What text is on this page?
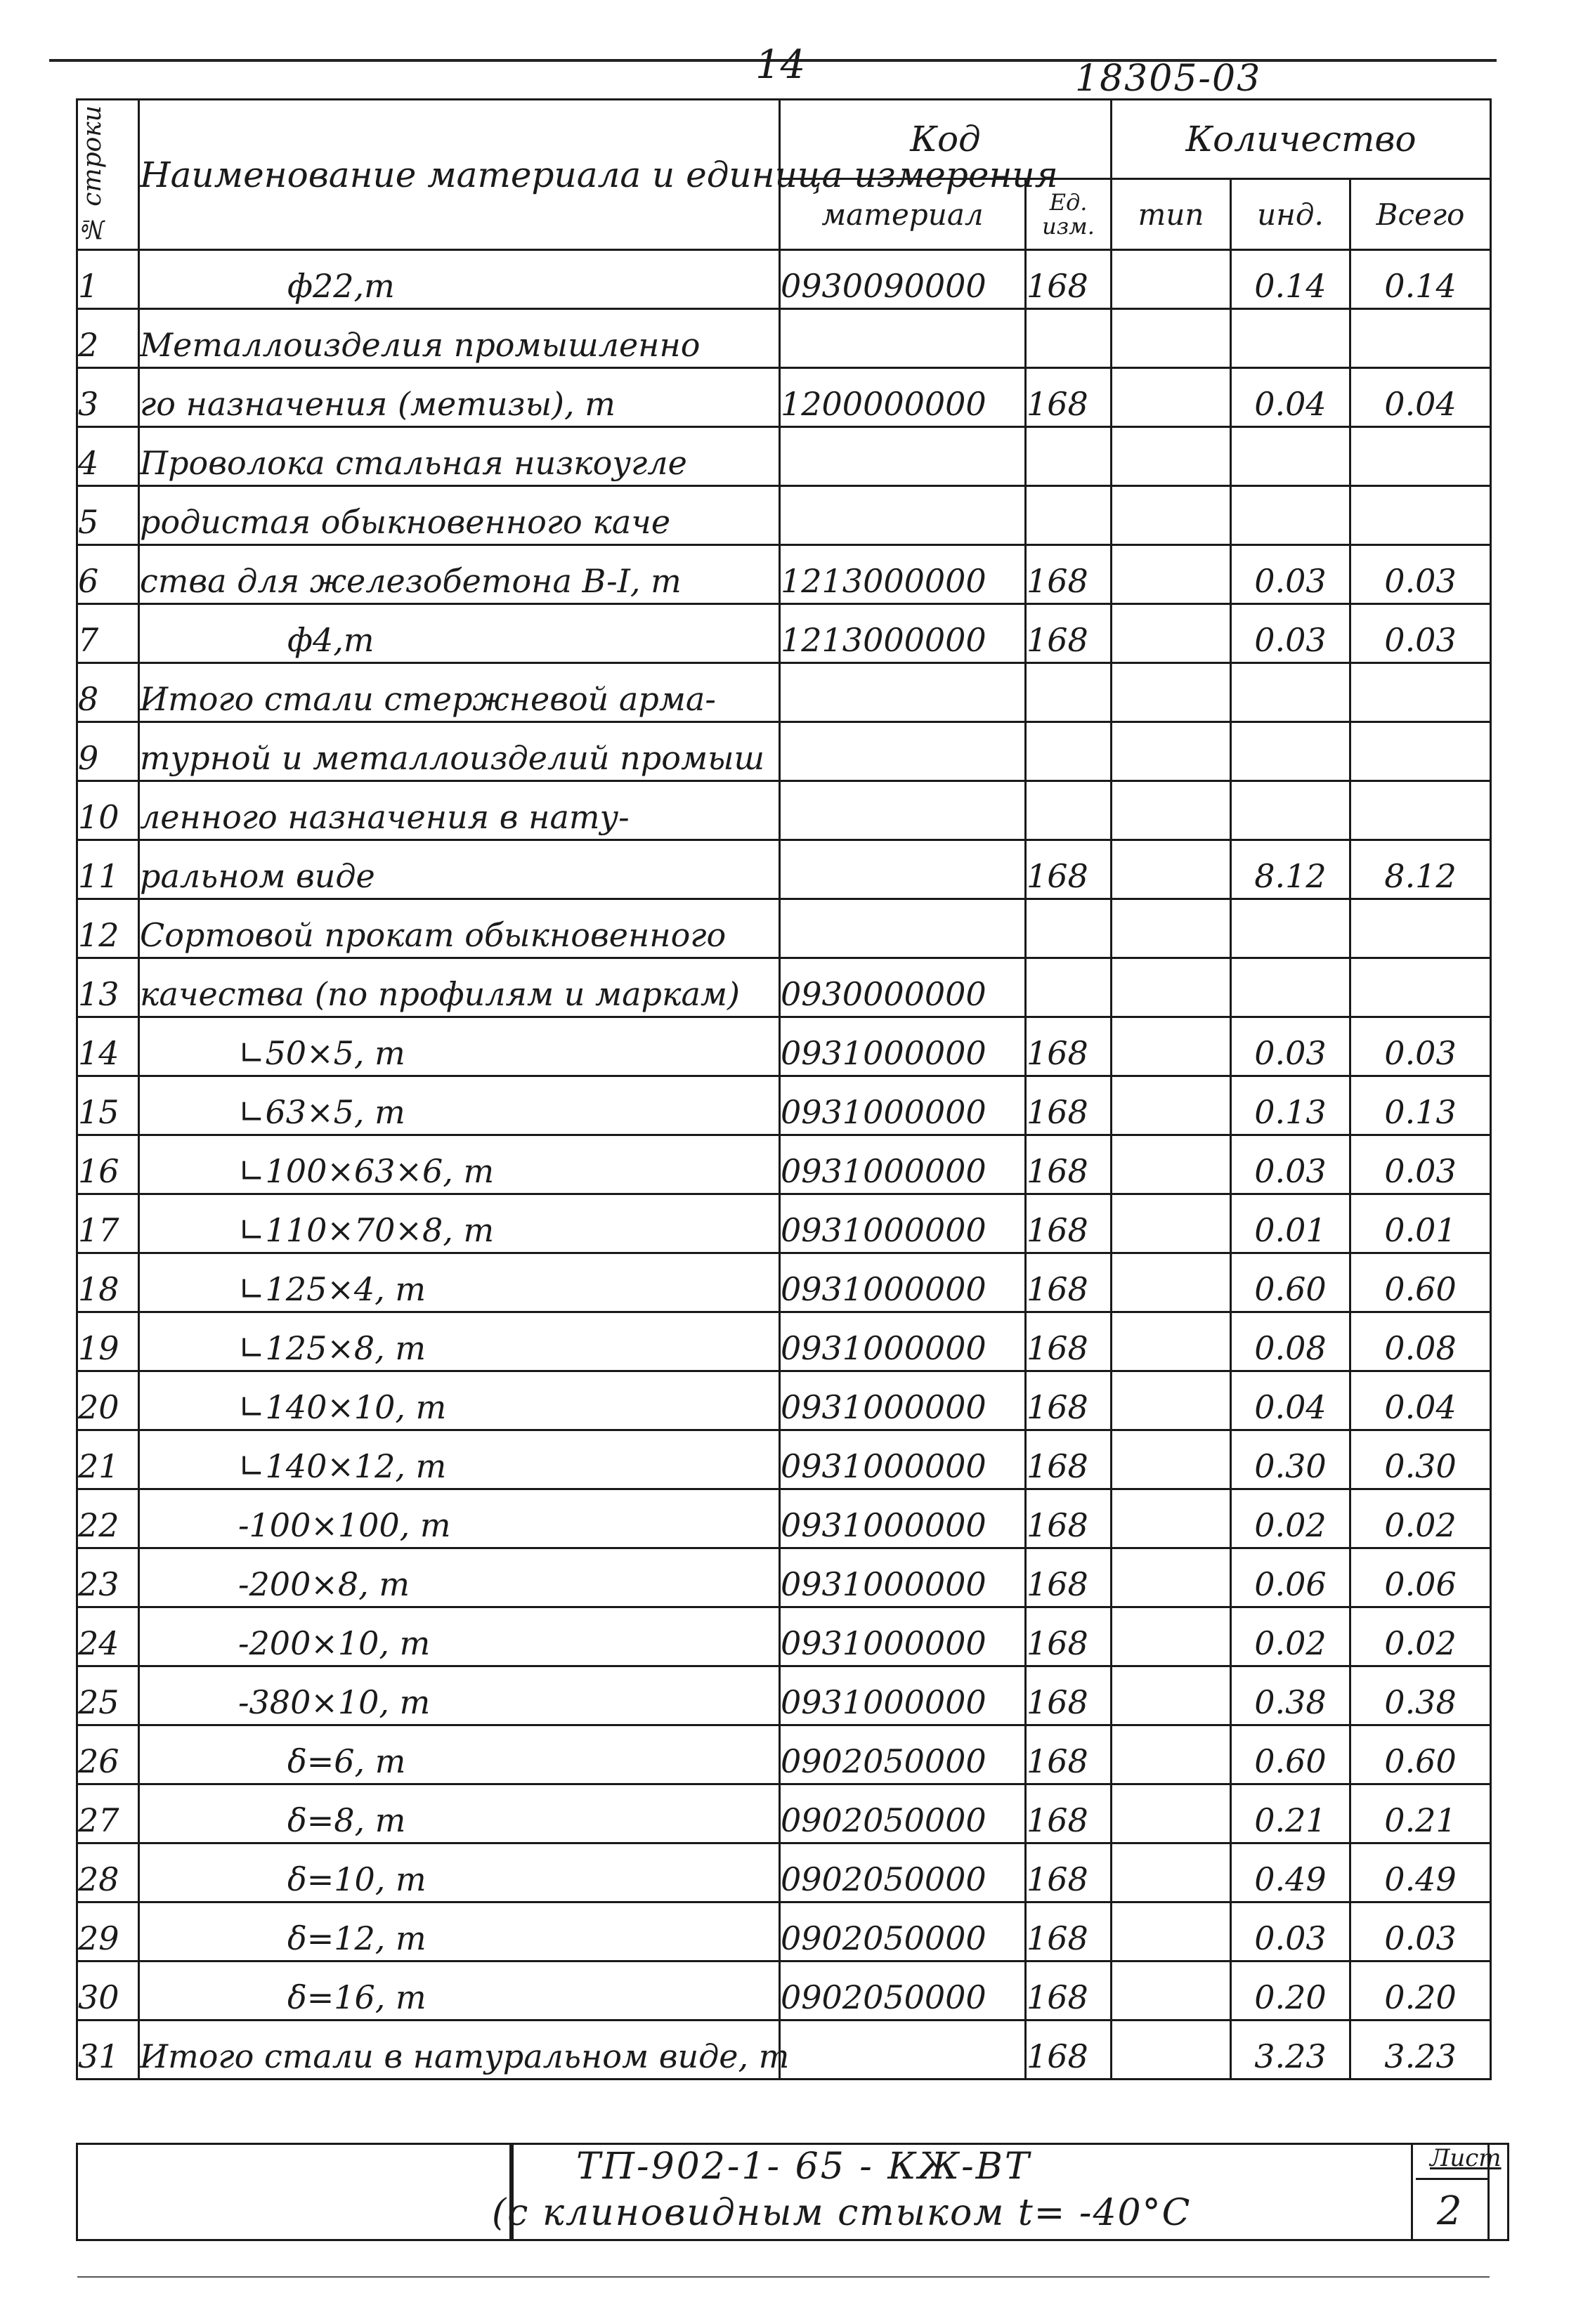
14	18305-03
№ строки	Наименование материала и единица измерения	Код		Количество		
		материал	Ед. изм.	тип	инд.	Всего
1	ф22,т	0930090000	168		0.14	0.14
2	Металлоизделия промышленно					
3	го назначения (метизы), т	1200000000	168		0.04	0.04
4	Проволока стальная низкоугле					
5	родистая обыкновенного каче					
6	ства для железобетона B-I, т	1213000000	168		0.03	0.03
7	ф4,т	1213000000	168		0.03	0.03
8	Итого стали стержневой арма-					
9	турной и металлоизделий промыш					
10	ленного назначения в нату-					
11	ральном виде		168		8.12	8.12
12	Сортовой прокат обыкновенного					
13	качества (по профилям и маркам)	0930000000				
14	∟50×5, т	0931000000	168		0.03	0.03
15	∟63×5, т	0931000000	168		0.13	0.13
16	∟100×63×6, т	0931000000	168		0.03	0.03
17	∟110×70×8, т	0931000000	168		0.01	0.01
18	∟125×4, т	0931000000	168		0.60	0.60
19	∟125×8, т	0931000000	168		0.08	0.08
20	∟140×10, т	0931000000	168		0.04	0.04
21	∟140×12, т	0931000000	168		0.30	0.30
22	-100×100, т	0931000000	168		0.02	0.02
23	-200×8, т	0931000000	168		0.06	0.06
24	-200×10, т	0931000000	168		0.02	0.02
25	-380×10, т	0931000000	168		0.38	0.38
26	δ=6, т	0902050000	168		0.60	0.60
27	δ=8, т	0902050000	168		0.21	0.21
28	δ=10, т	0902050000	168		0.49	0.49
29	δ=12, т	0902050000	168		0.03	0.03
30	δ=16, т	0902050000	168		0.20	0.20
31	Итого стали в натуральном виде, т		168		3.23	3.23
ТП-902-1- 65 - КЖ-ВТ
(с клиновидным стыком t= -40°С
Лист
2
